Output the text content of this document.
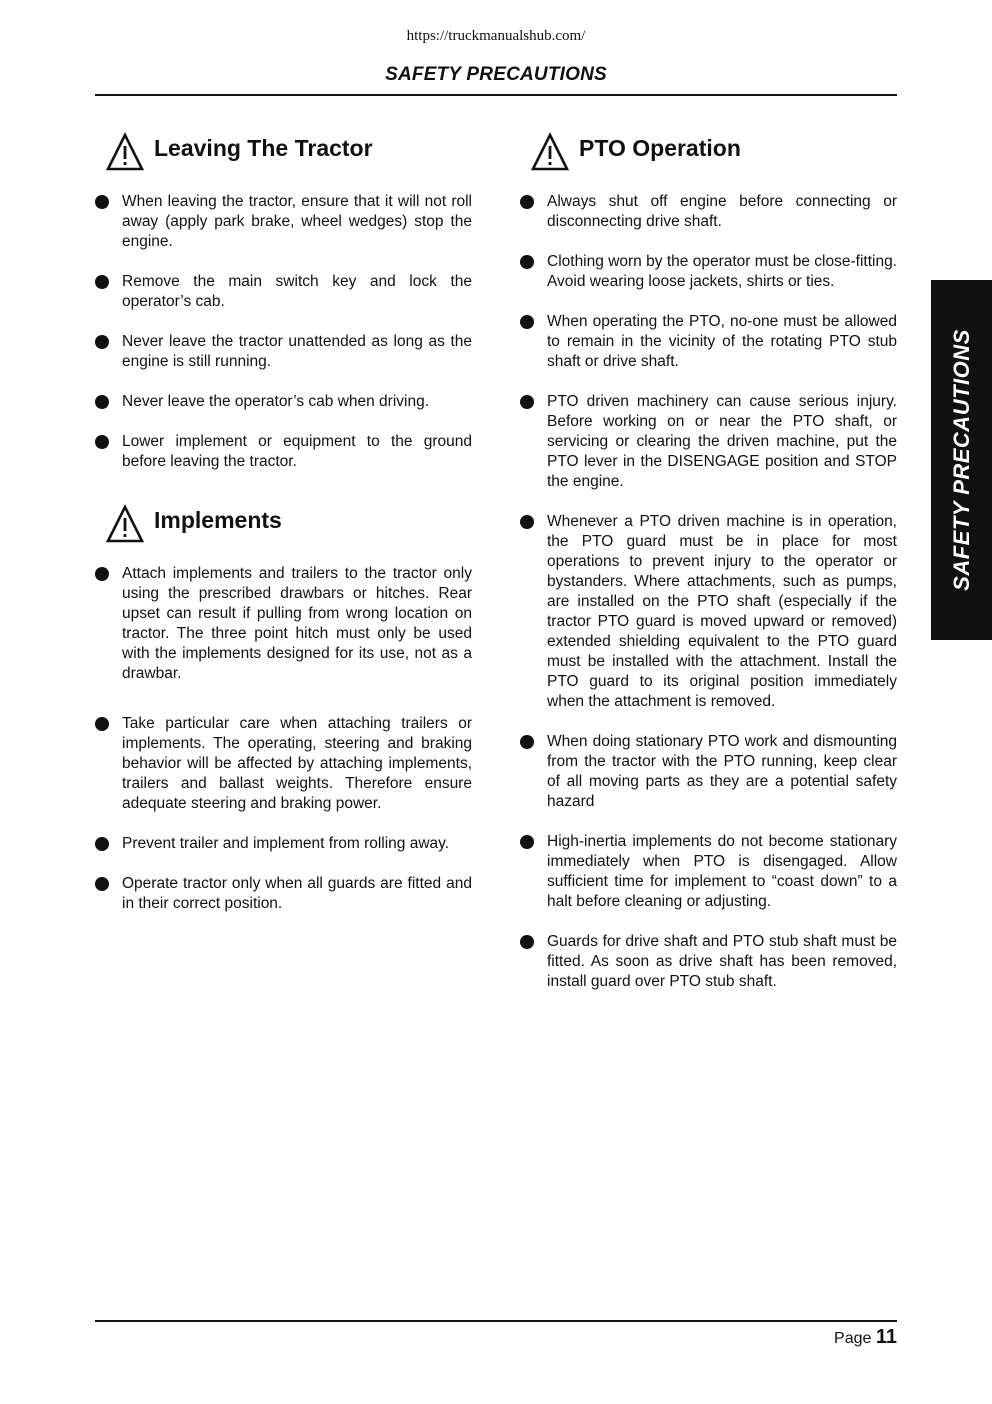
https://truckmanualshub.com/
SAFETY PRECAUTIONS
Leaving The Tractor
When leaving the tractor, ensure that it will not roll away (apply park brake, wheel wedges) stop the engine.
Remove the main switch key and lock the operator’s cab.
Never leave the tractor unattended as long as the engine is still running.
Never leave the operator’s cab when driving.
Lower implement or equipment to the ground before leaving the tractor.
Implements
Attach implements and trailers to the tractor only using the prescribed drawbars or hitches. Rear upset can result if pulling from wrong location on tractor. The three point hitch must only be used with the implements designed for its use, not as a drawbar.
Take particular care when attaching trailers or implements. The operating, steering and braking behavior will be affected by attaching implements, trailers and ballast weights. Therefore ensure adequate steering and braking power.
Prevent trailer and implement from rolling away.
Operate tractor only when all guards are fitted and in their correct position.
PTO Operation
Always shut off engine before connecting or disconnecting drive shaft.
Clothing worn by the operator must be close-fitting. Avoid wearing loose jackets, shirts or ties.
When operating the PTO, no-one must be allowed to remain in the vicinity of the rotating PTO stub shaft or drive shaft.
PTO driven machinery can cause serious injury. Before working on or near the PTO shaft, or servicing or clearing the driven machine, put the PTO lever in the DISENGAGE position and STOP the engine.
Whenever a PTO driven machine is in operation, the PTO guard must be in place for most operations to prevent injury to the operator or bystanders. Where attachments, such as pumps, are installed on the PTO shaft (especially if the tractor PTO guard is moved upward or removed) extended shielding equivalent to the PTO guard must be installed with the attachment. Install the PTO guard to its original position immediately when the attachment is removed.
When doing stationary PTO work and dismounting from the tractor with the PTO running, keep clear of all moving parts as they are a potential safety hazard
High-inertia implements do not become stationary immediately when PTO is disengaged. Allow sufficient time for implement to “coast down” to a halt before cleaning or adjusting.
Guards for drive shaft and PTO stub shaft must be fitted. As soon as drive shaft has been removed, install guard over PTO stub shaft.
SAFETY PRECAUTIONS
Page 11
